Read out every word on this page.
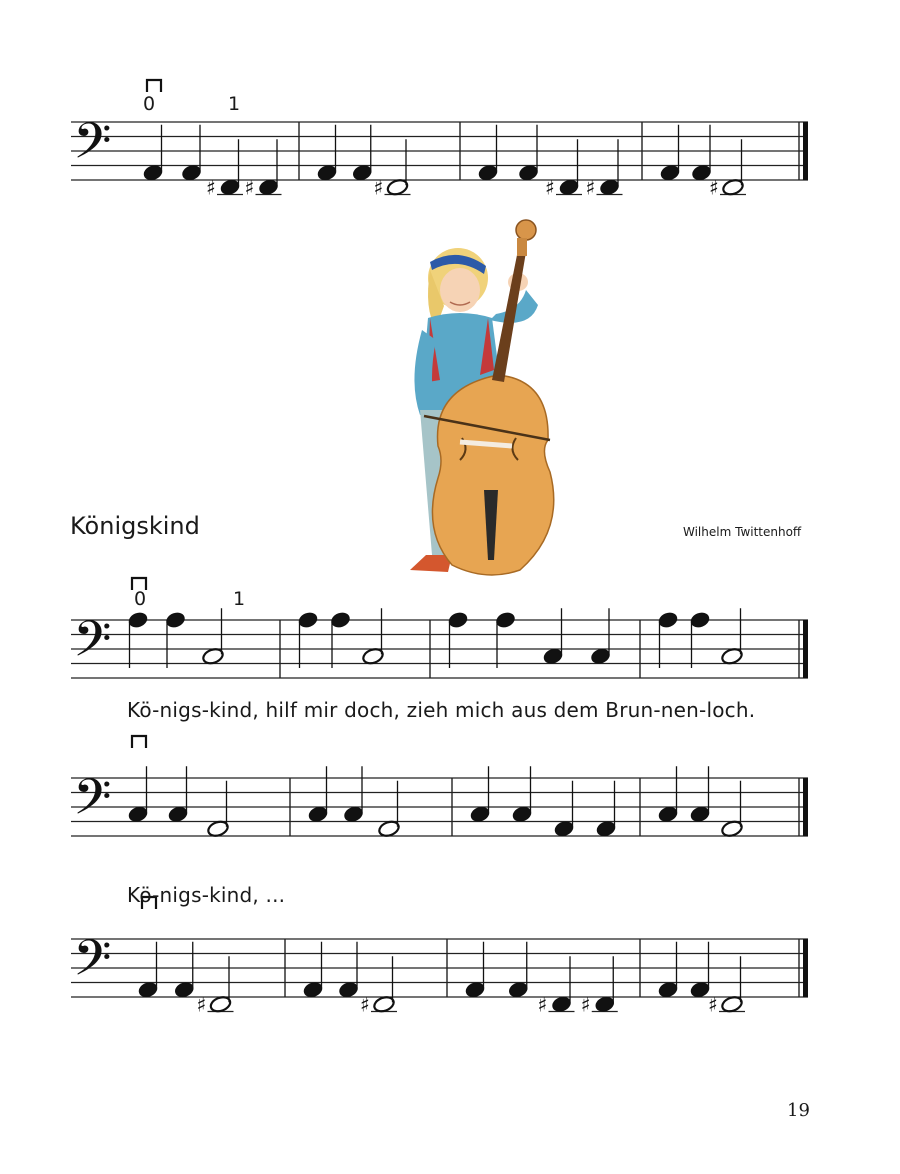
𝄢
♯ ♯	♯	♯ ♯	♯
𝄢
𝄢
𝄢
♯	♯	♯ ♯	♯
0	1
0	1
Königskind	Wilhelm Twittenhoff
Kö-nigs-kind, hilf mir doch, zieh mich aus dem Brun-nen-loch.
Kö-nigs-kind, ...
19
